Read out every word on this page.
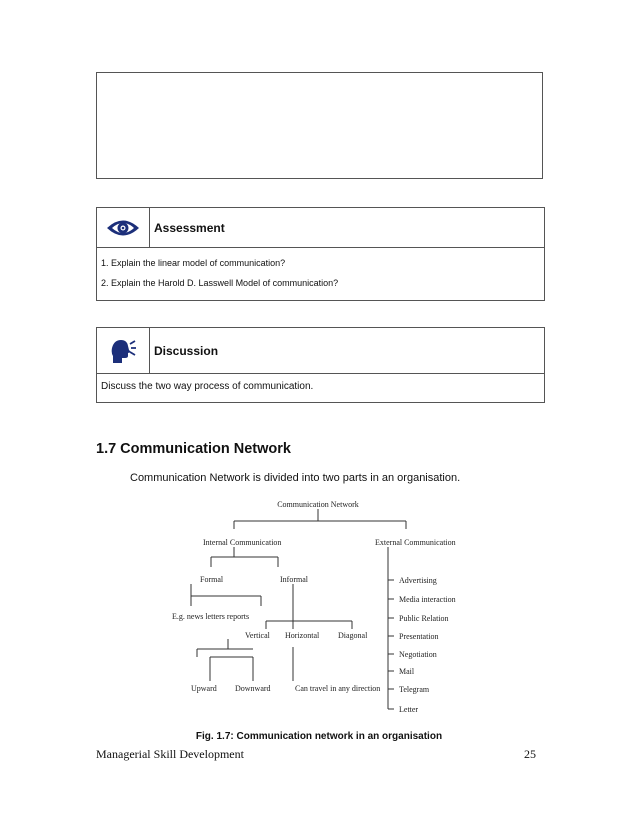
Assessment
1. Explain the linear model of communication?
2. Explain the Harold D. Lasswell Model of communication?
Discussion
Discuss the two way process of communication.
1.7 Communication Network
Communication Network is divided into two parts in an organisation.
Communication Network
Internal Communication	External Communication
Formal	Informal
E.g. news letters reports
Vertical Horizontal Diagonal
Upward Downward	Can travel in any direction
Advertising
Media interaction
Public Relation
Presentation
Negotiation
Mail
Telegram
Letter
Fig. 1.7: Communication network in an organisation
Managerial Skill Development	25
